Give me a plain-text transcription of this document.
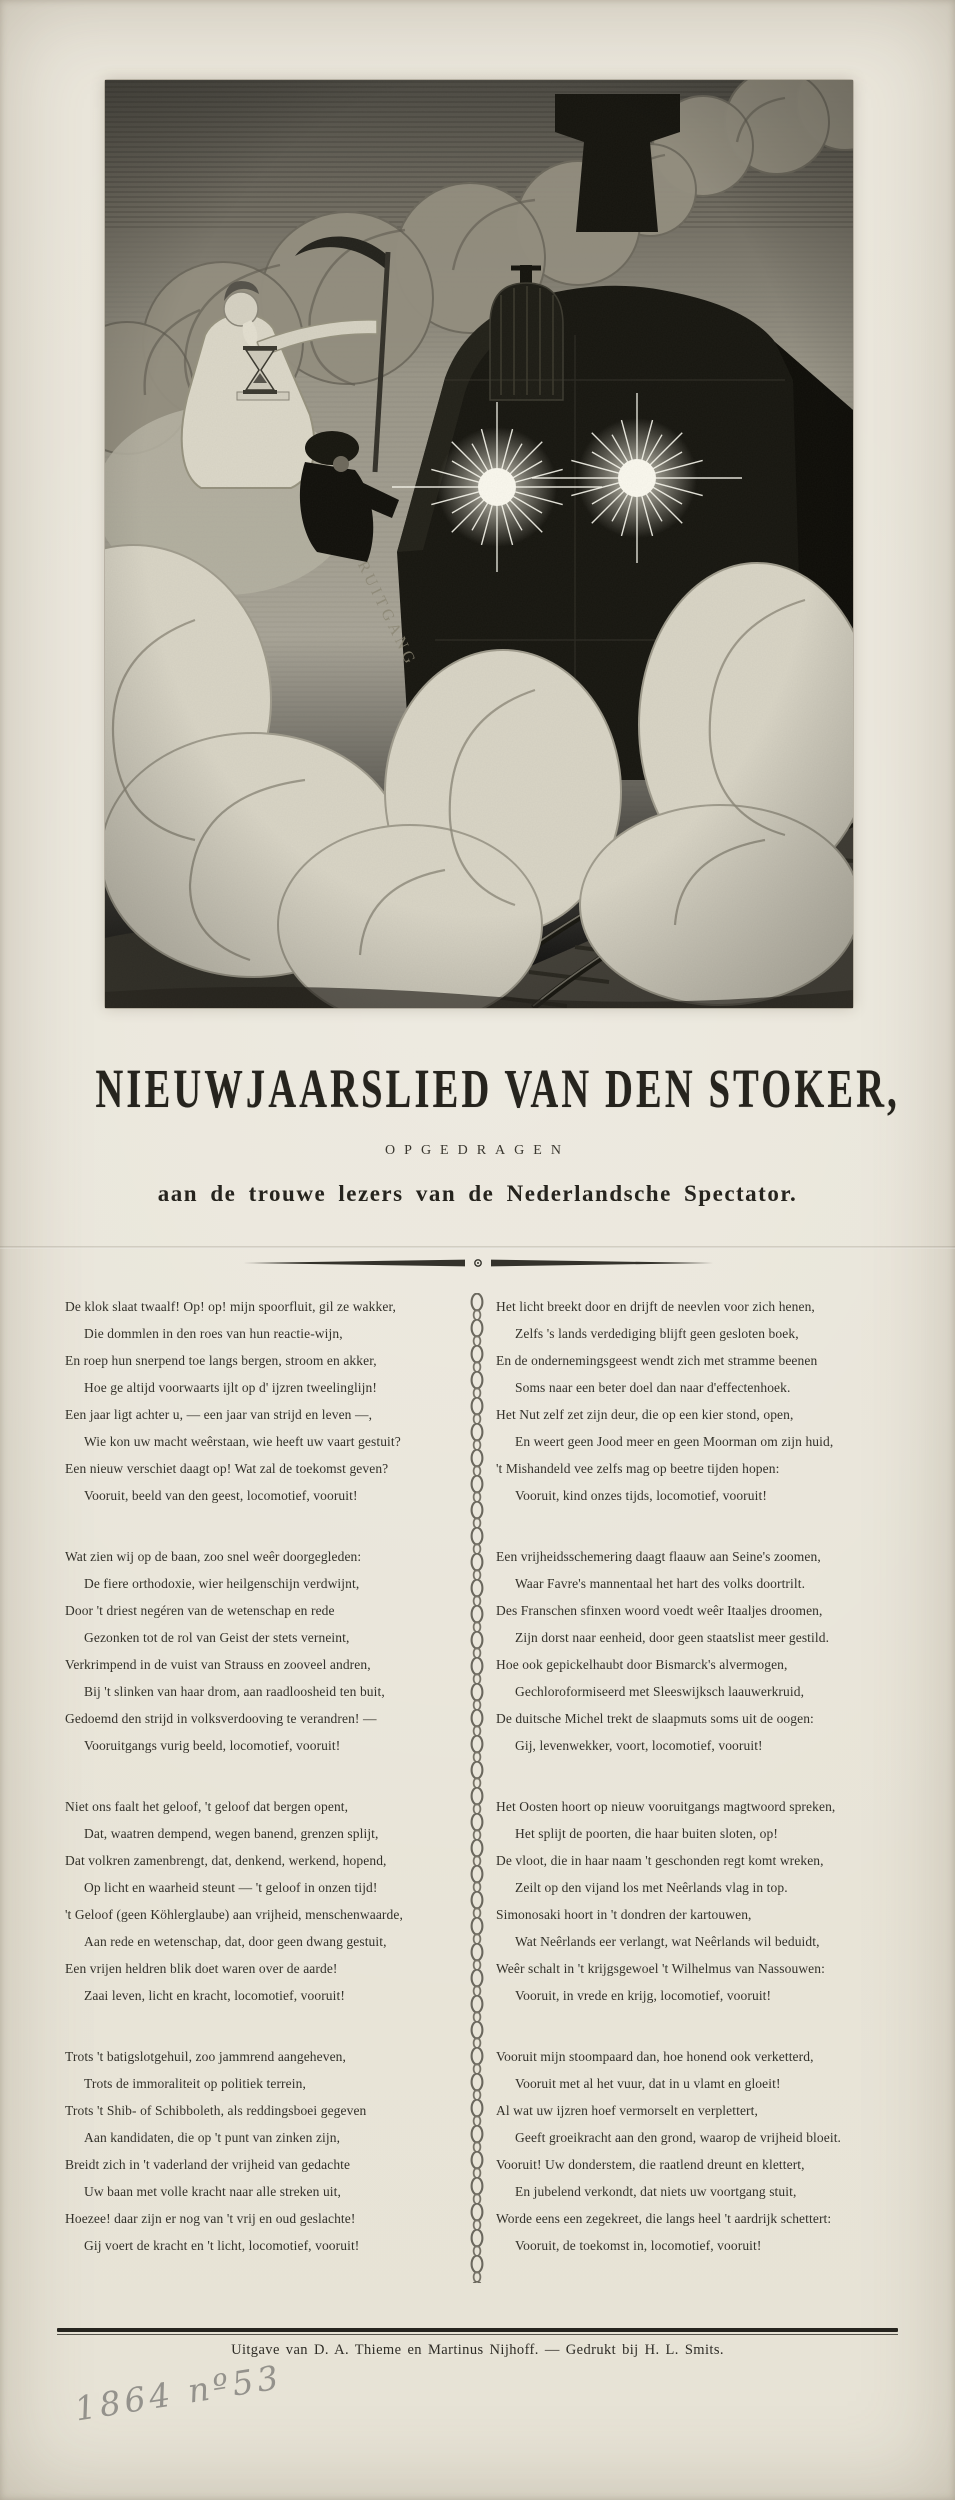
NIEUWJAARSLIED VAN DEN STOKER,
OPGEDRAGEN
aan de trouwe lezers van de Nederlandsche Spectator.
De klok slaat twaalf! Op! op! mijn spoorfluit, gil ze wakker,
Die dommlen in den roes van hun reactie-wijn,
En roep hun snerpend toe langs bergen, stroom en akker,
Hoe ge altijd voorwaarts ijlt op d' ijzren tweelinglijn!
Een jaar ligt achter u, — een jaar van strijd en leven —,
Wie kon uw macht weêrstaan, wie heeft uw vaart gestuit?
Een nieuw verschiet daagt op! Wat zal de toekomst geven?
Vooruit, beeld van den geest, locomotief, vooruit!
Wat zien wij op de baan, zoo snel weêr doorgegleden:
De fiere orthodoxie, wier heilgenschijn verdwijnt,
Door 't driest negéren van de wetenschap en rede
Gezonken tot de rol van Geist der stets verneint,
Verkrimpend in de vuist van Strauss en zooveel andren,
Bij 't slinken van haar drom, aan raadloosheid ten buit,
Gedoemd den strijd in volksverdooving te verandren! —
Vooruitgangs vurig beeld, locomotief, vooruit!
Niet ons faalt het geloof, 't geloof dat bergen opent,
Dat, waatren dempend, wegen banend, grenzen splijt,
Dat volkren zamenbrengt, dat, denkend, werkend, hopend,
Op licht en waarheid steunt — 't geloof in onzen tijd!
't Geloof (geen Köhlerglaube) aan vrijheid, menschenwaarde,
Aan rede en wetenschap, dat, door geen dwang gestuit,
Een vrijen heldren blik doet waren over de aarde!
Zaai leven, licht en kracht, locomotief, vooruit!
Trots 't batigslotgehuil, zoo jammrend aangeheven,
Trots de immoraliteit op politiek terrein,
Trots 't Shib- of Schibboleth, als reddingsboei gegeven
Aan kandidaten, die op 't punt van zinken zijn,
Breidt zich in 't vaderland der vrijheid van gedachte
Uw baan met volle kracht naar alle streken uit,
Hoezee! daar zijn er nog van 't vrij en oud geslachte!
Gij voert de kracht en 't licht, locomotief, vooruit!
Het licht breekt door en drijft de neevlen voor zich henen,
Zelfs 's lands verdediging blijft geen gesloten boek,
En de ondernemingsgeest wendt zich met stramme beenen
Soms naar een beter doel dan naar d'effectenhoek.
Het Nut zelf zet zijn deur, die op een kier stond, open,
En weert geen Jood meer en geen Moorman om zijn huid,
't Mishandeld vee zelfs mag op beetre tijden hopen:
Vooruit, kind onzes tijds, locomotief, vooruit!
Een vrijheidsschemering daagt flaauw aan Seine's zoomen,
Waar Favre's mannentaal het hart des volks doortrilt.
Des Franschen sfinxen woord voedt weêr Itaaljes droomen,
Zijn dorst naar eenheid, door geen staatslist meer gestild.
Hoe ook gepickelhaubt door Bismarck's alvermogen,
Gechloroformiseerd met Sleeswijksch laauwerkruid,
De duitsche Michel trekt de slaapmuts soms uit de oogen:
Gij, levenwekker, voort, locomotief, vooruit!
Het Oosten hoort op nieuw vooruitgangs magtwoord spreken,
Het splijt de poorten, die haar buiten sloten, op!
De vloot, die in haar naam 't geschonden regt komt wreken,
Zeilt op den vijand los met Neêrlands vlag in top.
Simonosaki hoort in 't dondren der kartouwen,
Wat Neêrlands eer verlangt, wat Neêrlands wil beduidt,
Weêr schalt in 't krijgsgewoel 't Wilhelmus van Nassouwen:
Vooruit, in vrede en krijg, locomotief, vooruit!
Vooruit mijn stoompaard dan, hoe honend ook verketterd,
Vooruit met al het vuur, dat in u vlamt en gloeit!
Al wat uw ijzren hoef vermorselt en verplettert,
Geeft groeikracht aan den grond, waarop de vrijheid bloeit.
Vooruit! Uw donderstem, die raatlend dreunt en klettert,
En jubelend verkondt, dat niets uw voortgang stuit,
Worde eens een zegekreet, die langs heel 't aardrijk schettert:
Vooruit, de toekomst in, locomotief, vooruit!
Uitgave van D. A. Thieme en Martinus Nijhoff. — Gedrukt bij H. L. Smits.
1864 nº53
